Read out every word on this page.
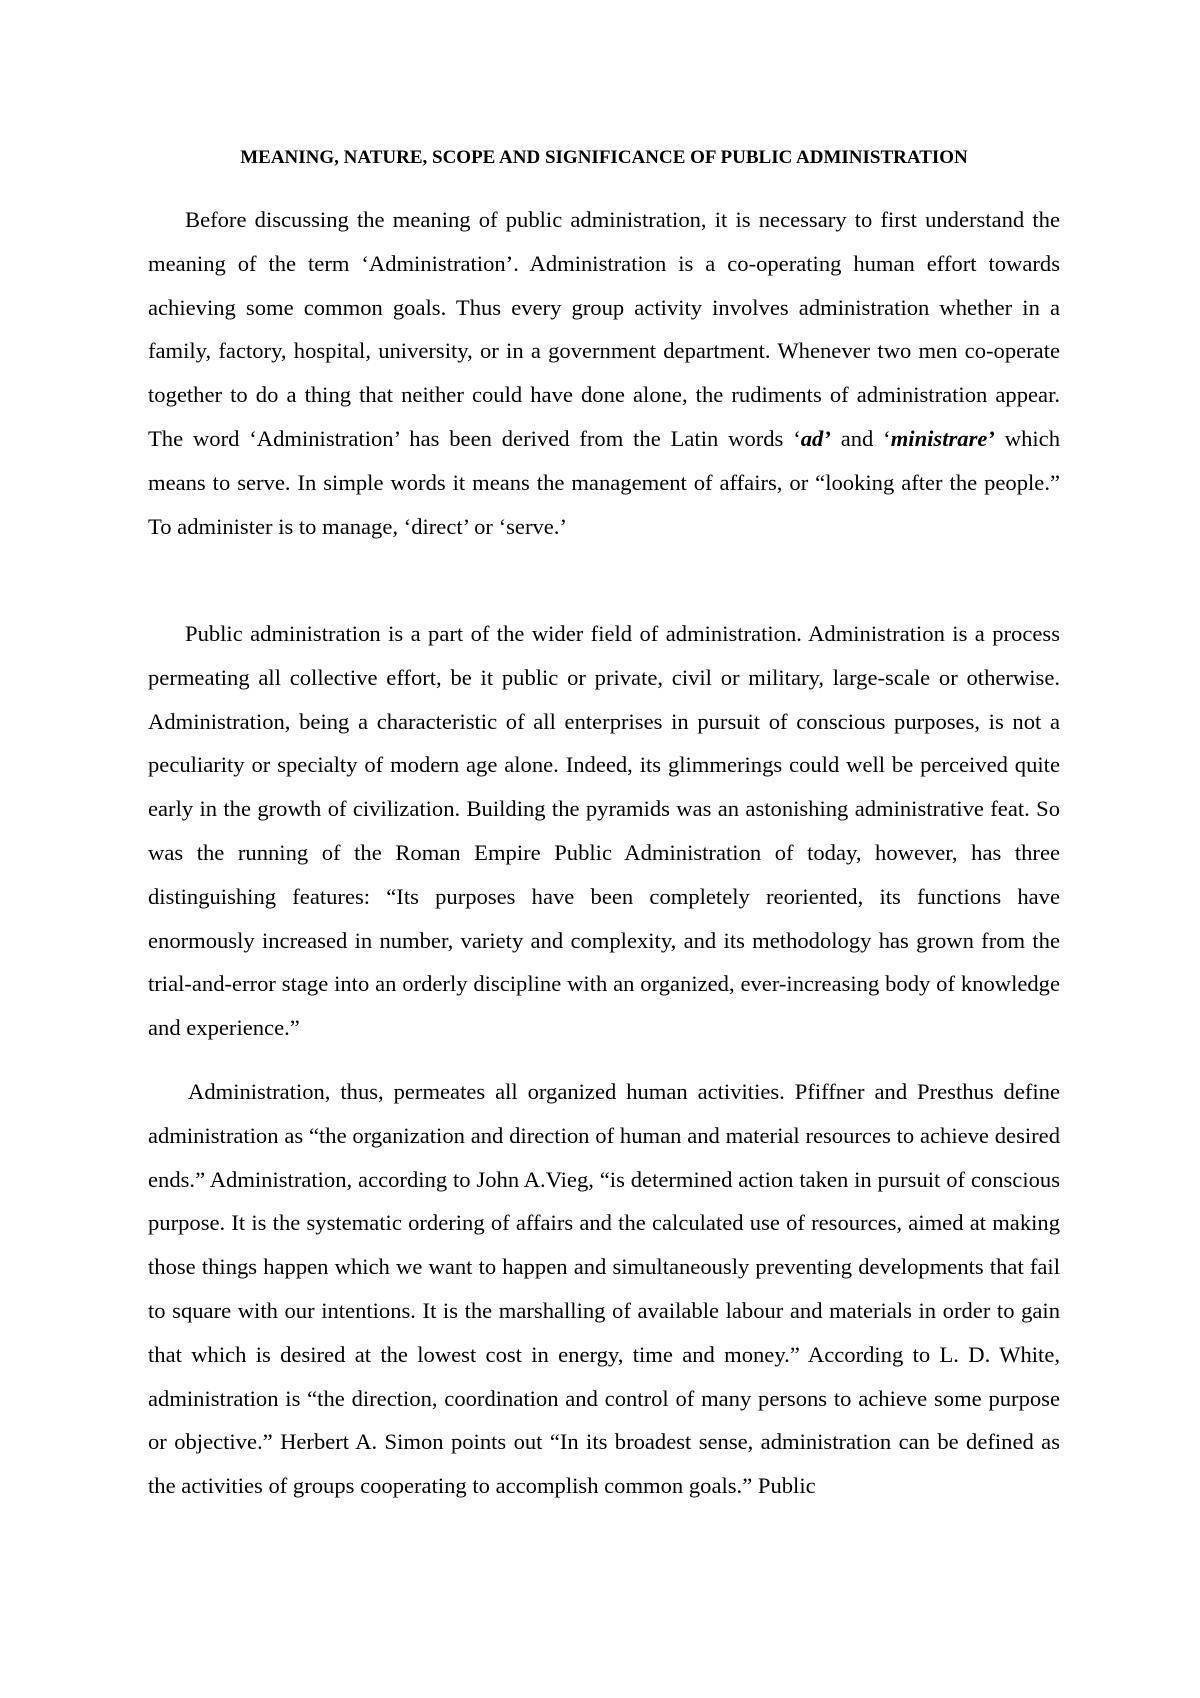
MEANING, NATURE, SCOPE AND SIGNIFICANCE OF PUBLIC ADMINISTRATION

Before discussing the meaning of public administration, it is necessary to first understand the meaning of the term ‘Administration’. Administration is a co-operating human effort towards achieving some common goals. Thus every group activity involves administration whether in a family, factory, hospital, university, or in a government department. Whenever two men co-operate together to do a thing that neither could have done alone, the rudiments of administration appear. The word ‘Administration’ has been derived from the Latin words ‘ad’ and ‘ministrare’ which means to serve. In simple words it means the management of affairs, or “looking after the people.” To administer is to manage, ‘direct’ or ‘serve.’

Public administration is a part of the wider field of administration. Administration is a process permeating all collective effort, be it public or private, civil or military, large-scale or otherwise. Administration, being a characteristic of all enterprises in pursuit of conscious purposes, is not a peculiarity or specialty of modern age alone. Indeed, its glimmerings could well be perceived quite early in the growth of civilization. Building the pyramids was an astonishing administrative feat. So was the running of the Roman Empire Public Administration of today, however, has three distinguishing features: “Its purposes have been completely reoriented, its functions have enormously increased in number, variety and complexity, and its methodology has grown from the trial-and-error stage into an orderly discipline with an organized, ever-increasing body of knowledge and experience.”

Administration, thus, permeates all organized human activities. Pfiffner and Presthus define administration as “the organization and direction of human and material resources to achieve desired ends.” Administration, according to John A.Vieg, “is determined action taken in pursuit of conscious purpose. It is the systematic ordering of affairs and the calculated use of resources, aimed at making those things happen which we want to happen and simultaneously preventing developments that fail to square with our intentions. It is the marshalling of available labour and materials in order to gain that which is desired at the lowest cost in energy, time and money.” According to L. D. White, administration is “the direction, coordination and control of many persons to achieve some purpose or objective.” Herbert A. Simon points out “In its broadest sense, administration can be defined as the activities of groups cooperating to accomplish common goals.” Public
